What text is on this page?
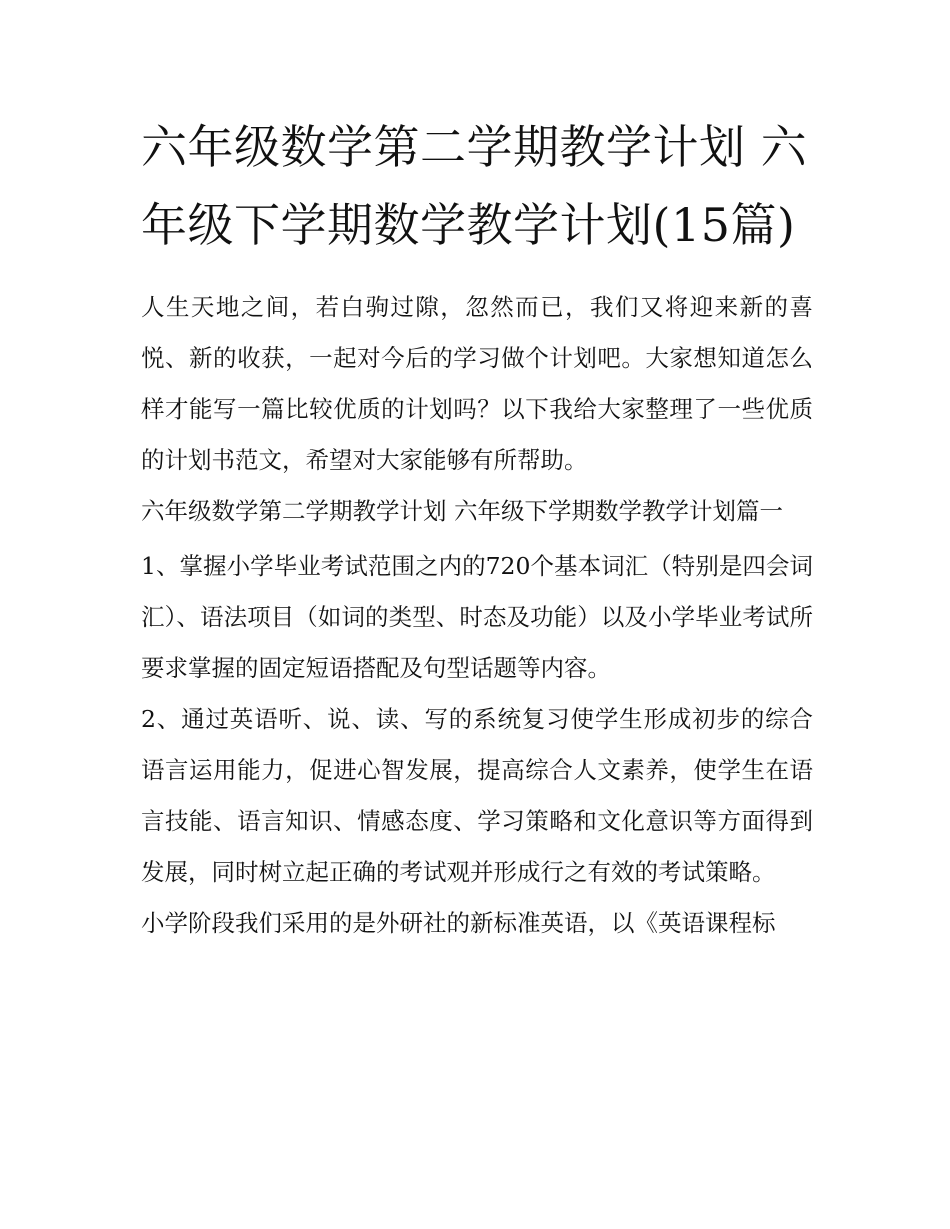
六年级数学第二学期教学计划 六年级下学期数学教学计划(15篇)

人生天地之间，若白驹过隙，忽然而已，我们又将迎来新的喜悦、新的收获，一起对今后的学习做个计划吧。大家想知道怎么样才能写一篇比较优质的计划吗？以下我给大家整理了一些优质的计划书范文，希望对大家能够有所帮助。

六年级数学第二学期教学计划 六年级下学期数学教学计划篇一

1、掌握小学毕业考试范围之内的720个基本词汇（特别是四会词汇）、语法项目（如词的类型、时态及功能）以及小学毕业考试所要求掌握的固定短语搭配及句型话题等内容。

2、通过英语听、说、读、写的系统复习使学生形成初步的综合语言运用能力，促进心智发展，提高综合人文素养，使学生在语言技能、语言知识、情感态度、学习策略和文化意识等方面得到发展，同时树立起正确的考试观并形成行之有效的考试策略。

小学阶段我们采用的是外研社的新标准英语，以《英语课程标
